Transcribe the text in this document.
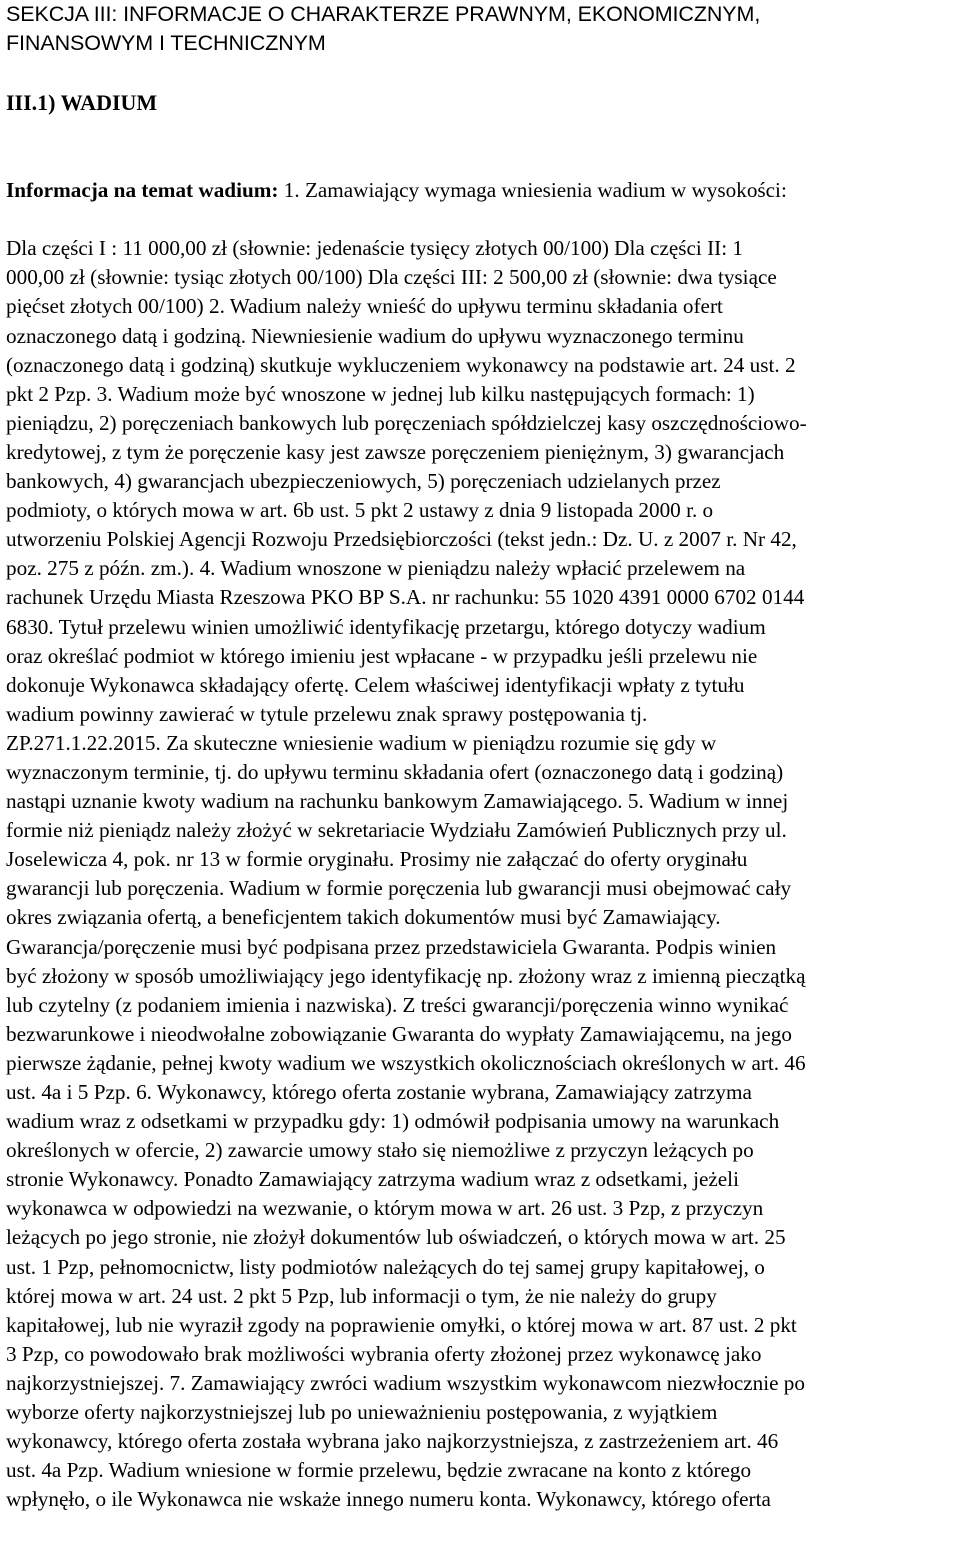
SEKCJA III: INFORMACJE O CHARAKTERZE PRAWNYM, EKONOMICZNYM,
FINANSOWYM I TECHNICZNYM
III.1) WADIUM

Informacja na temat wadium: 1. Zamawiający wymaga wniesienia wadium w wysokości:

Dla części I : 11 000,00 zł (słownie: jedenaście tysięcy złotych 00/100) Dla części II: 1
000,00 zł (słownie: tysiąc złotych 00/100) Dla części III: 2 500,00 zł (słownie: dwa tysiące
pięćset złotych 00/100) 2. Wadium należy wnieść do upływu terminu składania ofert
oznaczonego datą i godziną. Niewniesienie wadium do upływu wyznaczonego terminu
(oznaczonego datą i godziną) skutkuje wykluczeniem wykonawcy na podstawie art. 24 ust. 2
pkt 2 Pzp. 3. Wadium może być wnoszone w jednej lub kilku następujących formach: 1)
pieniądzu, 2) poręczeniach bankowych lub poręczeniach spółdzielczej kasy oszczędnościowo-
kredytowej, z tym że poręczenie kasy jest zawsze poręczeniem pieniężnym, 3) gwarancjach
bankowych, 4) gwarancjach ubezpieczeniowych, 5) poręczeniach udzielanych przez
podmioty, o których mowa w art. 6b ust. 5 pkt 2 ustawy z dnia 9 listopada 2000 r. o
utworzeniu Polskiej Agencji Rozwoju Przedsiębiorczości (tekst jedn.: Dz. U. z 2007 r. Nr 42,
poz. 275 z późn. zm.). 4. Wadium wnoszone w pieniądzu należy wpłacić przelewem na
rachunek Urzędu Miasta Rzeszowa PKO BP S.A. nr rachunku: 55 1020 4391 0000 6702 0144
6830. Tytuł przelewu winien umożliwić identyfikację przetargu, którego dotyczy wadium
oraz określać podmiot w którego imieniu jest wpłacane - w przypadku jeśli przelewu nie
dokonuje Wykonawca składający ofertę. Celem właściwej identyfikacji wpłaty z tytułu
wadium powinny zawierać w tytule przelewu znak sprawy postępowania tj.
ZP.271.1.22.2015. Za skuteczne wniesienie wadium w pieniądzu rozumie się gdy w
wyznaczonym terminie, tj. do upływu terminu składania ofert (oznaczonego datą i godziną)
nastąpi uznanie kwoty wadium na rachunku bankowym Zamawiającego. 5. Wadium w innej
formie niż pieniądz należy złożyć w sekretariacie Wydziału Zamówień Publicznych przy ul.
Joselewicza 4, pok. nr 13 w formie oryginału. Prosimy nie załączać do oferty oryginału
gwarancji lub poręczenia. Wadium w formie poręczenia lub gwarancji musi obejmować cały
okres związania ofertą, a beneficjentem takich dokumentów musi być Zamawiający.
Gwarancja/poręczenie musi być podpisana przez przedstawiciela Gwaranta. Podpis winien
być złożony w sposób umożliwiający jego identyfikację np. złożony wraz z imienną pieczątką
lub czytelny (z podaniem imienia i nazwiska). Z treści gwarancji/poręczenia winno wynikać
bezwarunkowe i nieodwołalne zobowiązanie Gwaranta do wypłaty Zamawiającemu, na jego
pierwsze żądanie, pełnej kwoty wadium we wszystkich okolicznościach określonych w art. 46
ust. 4a i 5 Pzp. 6. Wykonawcy, którego oferta zostanie wybrana, Zamawiający zatrzyma
wadium wraz z odsetkami w przypadku gdy: 1) odmówił podpisania umowy na warunkach
określonych w ofercie, 2) zawarcie umowy stało się niemożliwe z przyczyn leżących po
stronie Wykonawcy. Ponadto Zamawiający zatrzyma wadium wraz z odsetkami, jeżeli
wykonawca w odpowiedzi na wezwanie, o którym mowa w art. 26 ust. 3 Pzp, z przyczyn
leżących po jego stronie, nie złożył dokumentów lub oświadczeń, o których mowa w art. 25
ust. 1 Pzp, pełnomocnictw, listy podmiotów należących do tej samej grupy kapitałowej, o
której mowa w art. 24 ust. 2 pkt 5 Pzp, lub informacji o tym, że nie należy do grupy
kapitałowej, lub nie wyraził zgody na poprawienie omyłki, o której mowa w art. 87 ust. 2 pkt
3 Pzp, co powodowało brak możliwości wybrania oferty złożonej przez wykonawcę jako
najkorzystniejszej. 7. Zamawiający zwróci wadium wszystkim wykonawcom niezwłocznie po
wyborze oferty najkorzystniejszej lub po unieważnieniu postępowania, z wyjątkiem
wykonawcy, którego oferta została wybrana jako najkorzystniejsza, z zastrzeżeniem art. 46
ust. 4a Pzp. Wadium wniesione w formie przelewu, będzie zwracane na konto z którego
wpłynęło, o ile Wykonawca nie wskaże innego numeru konta. Wykonawcy, którego oferta
